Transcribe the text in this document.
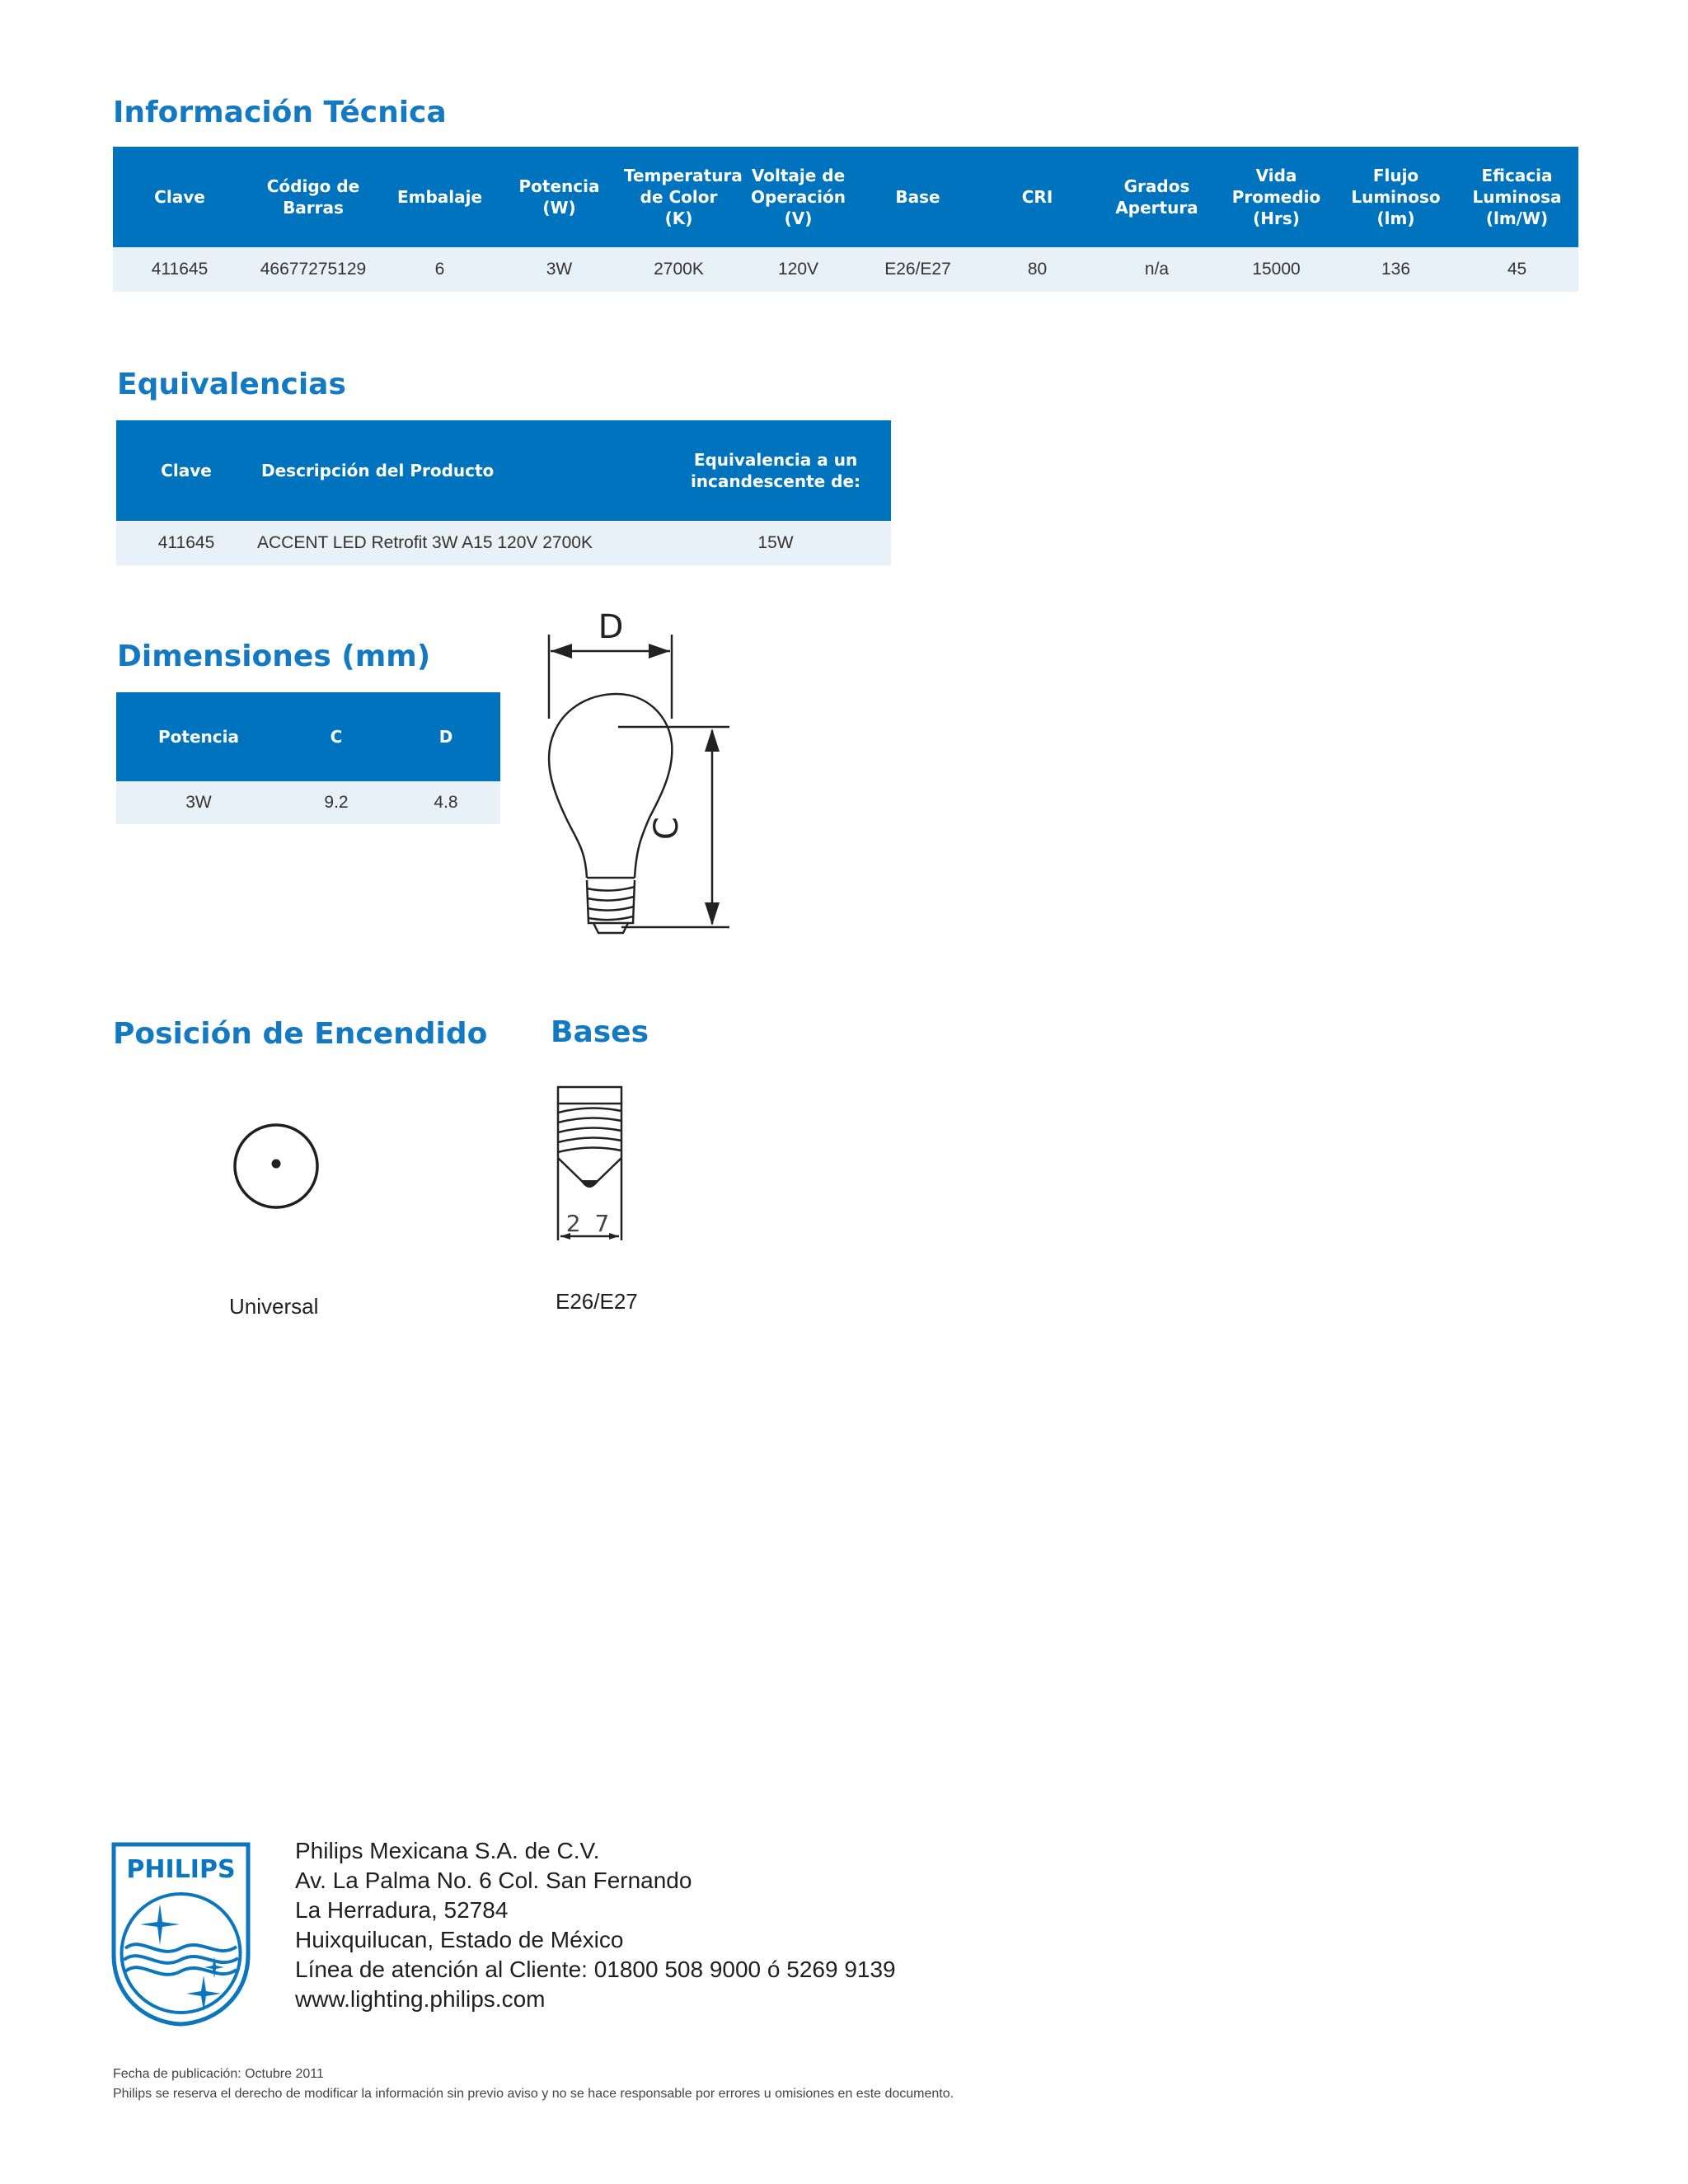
Información Técnica
Clave	Código de Barras	Embalaje	Potencia (W)	Temperatura de Color (K)	Voltaje de Operación (V)	Base	CRI	Grados Apertura	Vida Promedio (Hrs)	Flujo Luminoso (lm)	Eficacia Luminosa (lm/W)
411645	46677275129	6	3W	2700K	120V	E26/E27	80	n/a	15000	136	45
Equivalencias
Clave	Descripción del Producto	Equivalencia a un incandescente de:
411645	ACCENT LED Retrofit 3W A15 120V 2700K	15W
Dimensiones (mm)
Potencia	C	D
3W	9.2	4.8
D
C
Posición de Encendido
Universal
Bases
2 7
E26/E27
PHILIPS
Philips Mexicana S.A. de C.V.
Av. La Palma No. 6 Col. San Fernando
La Herradura, 52784
Huixquilucan, Estado de México
Línea de atención al Cliente: 01800 508 9000 ó 5269 9139
www.lighting.philips.com
Fecha de publicación: Octubre 2011
Philips se reserva el derecho de modificar la información sin previo aviso y no se hace responsable por errores u omisiones en este documento.
